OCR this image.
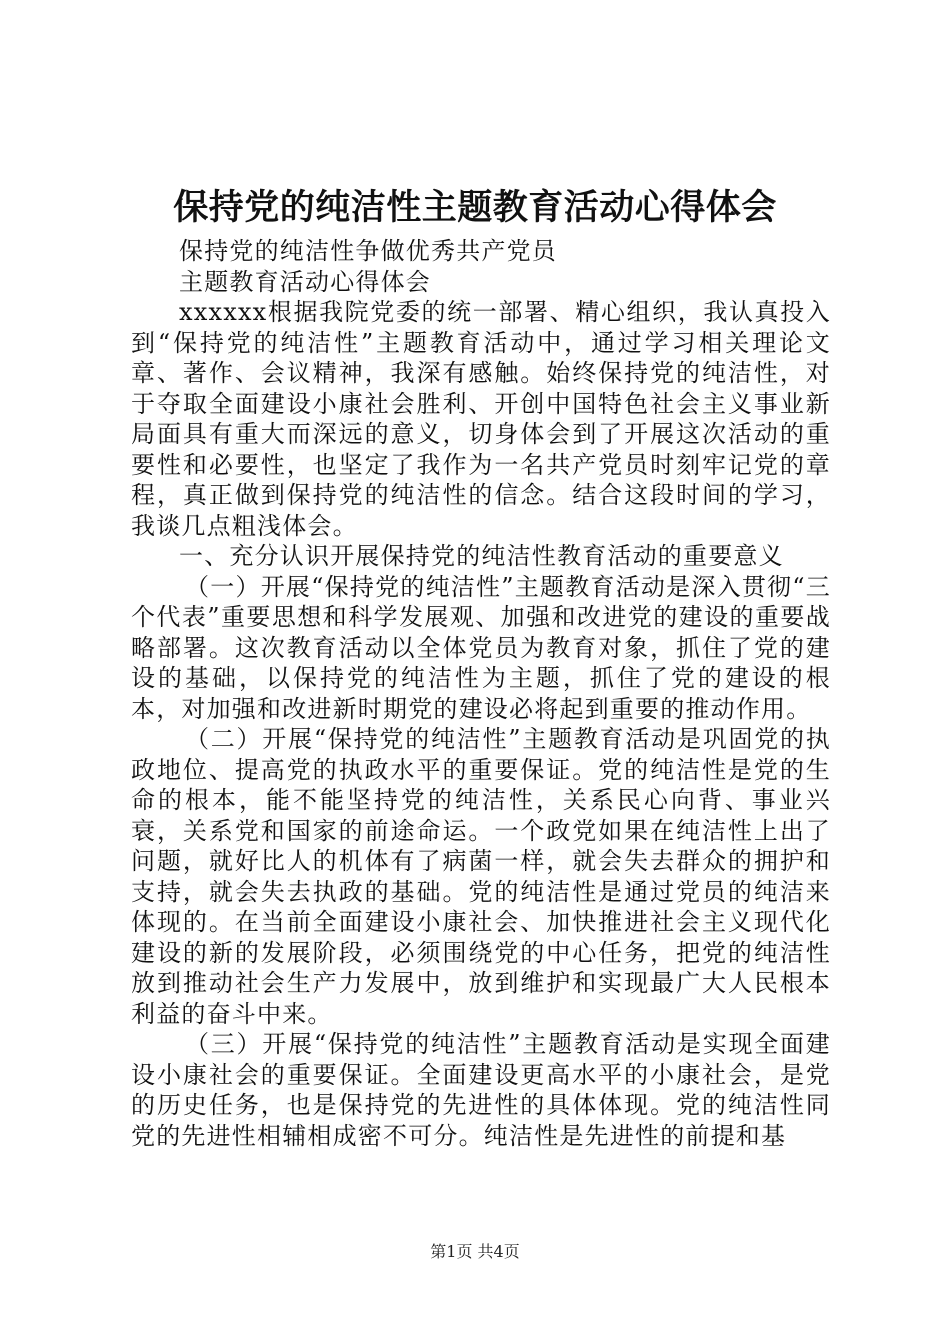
保持党的纯洁性主题教育活动心得体会

保持党的纯洁性争做优秀共产党员

主题教育活动心得体会

xxxxxx根据我院党委的统一部署、精心组织，我认真投入到“保持党的纯洁性”主题教育活动中，通过学习相关理论文章、著作、会议精神，我深有感触。始终保持党的纯洁性，对于夺取全面建设小康社会胜利、开创中国特色社会主义事业新局面具有重大而深远的意义，切身体会到了开展这次活动的重要性和必要性，也坚定了我作为一名共产党员时刻牢记党的章程，真正做到保持党的纯洁性的信念。结合这段时间的学习，我谈几点粗浅体会。

一、充分认识开展保持党的纯洁性教育活动的重要意义

（一）开展“保持党的纯洁性”主题教育活动是深入贯彻“三个代表”重要思想和科学发展观、加强和改进党的建设的重要战略部署。这次教育活动以全体党员为教育对象，抓住了党的建设的基础，以保持党的纯洁性为主题，抓住了党的建设的根本，对加强和改进新时期党的建设必将起到重要的推动作用。

（二）开展“保持党的纯洁性”主题教育活动是巩固党的执政地位、提高党的执政水平的重要保证。党的纯洁性是党的生命的根本，能不能坚持党的纯洁性，关系民心向背、事业兴衰，关系党和国家的前途命运。一个政党如果在纯洁性上出了问题，就好比人的机体有了病菌一样，就会失去群众的拥护和支持，就会失去执政的基础。党的纯洁性是通过党员的纯洁来体现的。在当前全面建设小康社会、加快推进社会主义现代化建设的新的发展阶段，必须围绕党的中心任务，把党的纯洁性放到推动社会生产力发展中，放到维护和实现最广大人民根本利益的奋斗中来。

（三）开展“保持党的纯洁性”主题教育活动是实现全面建设小康社会的重要保证。全面建设更高水平的小康社会，是党的历史任务，也是保持党的先进性的具体体现。党的纯洁性同党的先进性相辅相成密不可分。纯洁性是先进性的前提和基

第1页 共4页
